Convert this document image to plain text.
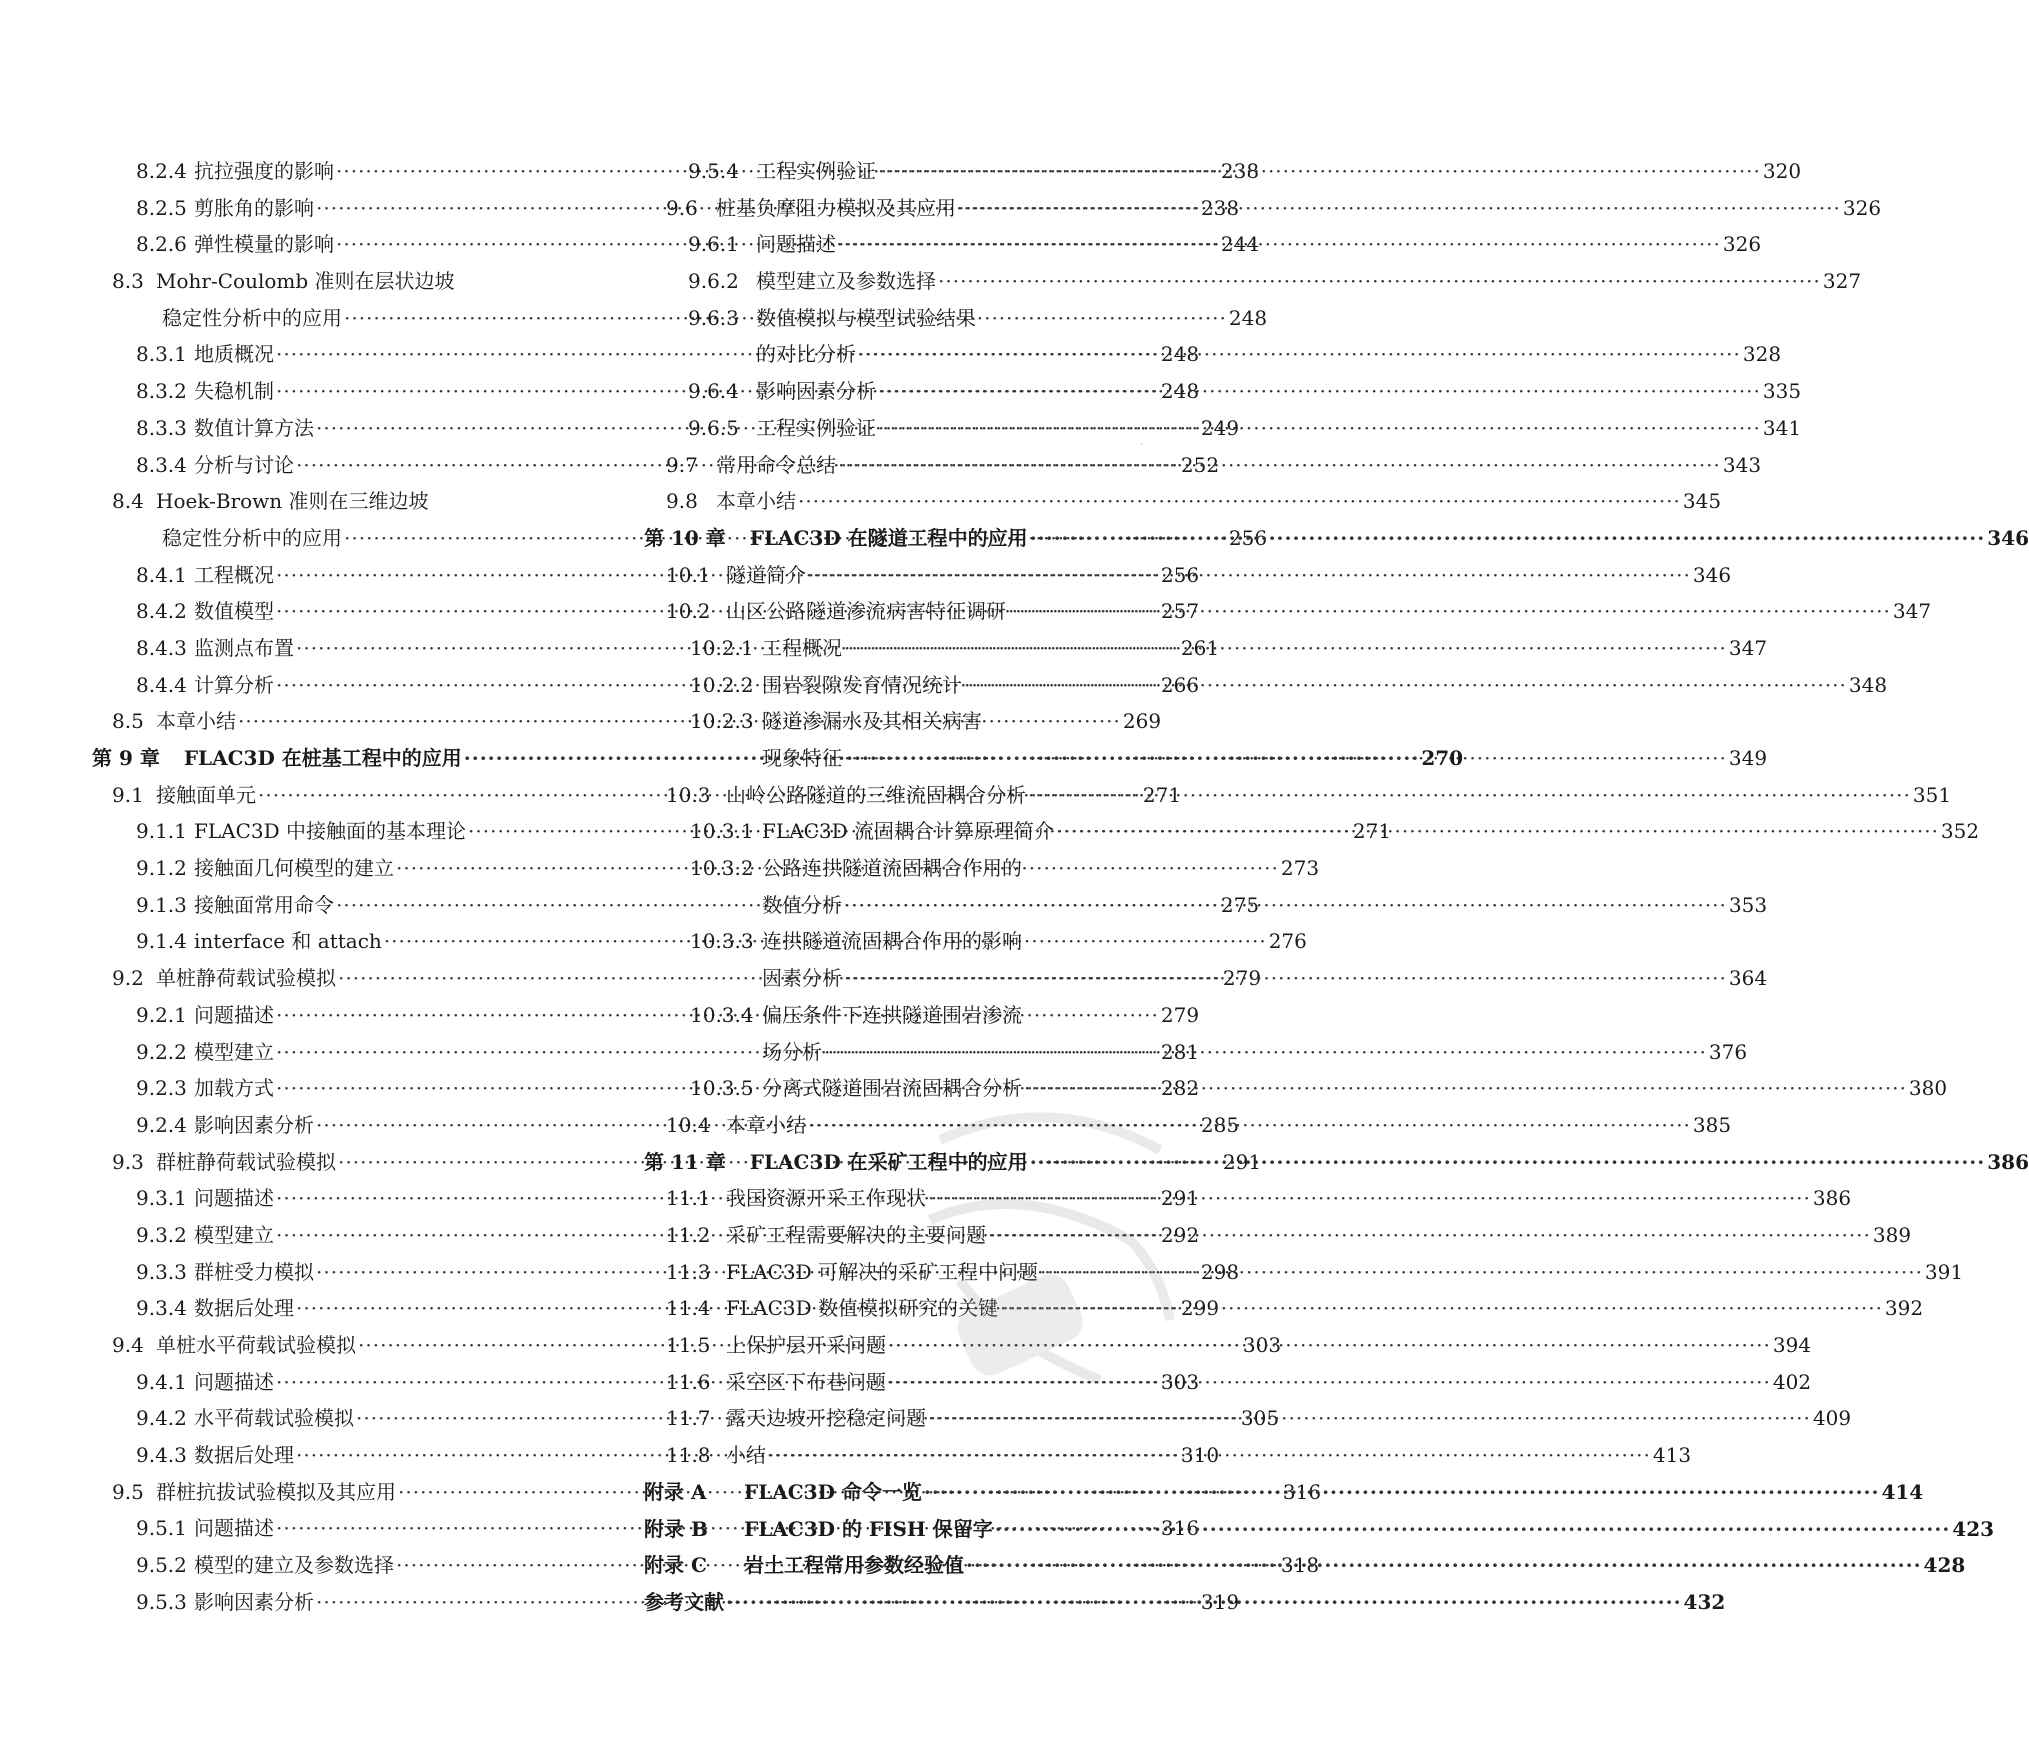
8.2.4 抗拉强度的影响 ·····	238
8.2.5 剪胀角的影响 ·····	238
8.2.6 弹性模量的影响 ·····	244
8.3 Mohr-Coulomb 准则在层状边坡
稳定性分析中的应用 ·····	248
8.3.1 地质概况 ·····	248
8.3.2 失稳机制 ·····	248
8.3.3 数值计算方法 ·····	249
8.3.4 分析与讨论 ·····	252
8.4 Hoek-Brown 准则在三维边坡
稳定性分析中的应用 ·····	256
8.4.1 工程概况 ·····	256
8.4.2 数值模型 ·····	257
8.4.3 监测点布置 ·····	261
8.4.4 计算分析 ·····	266
8.5 本章小结 ·····	269
第 9 章 FLAC3D 在桩基工程中的应用 ·····	270
9.1 接触面单元 ·····	271
9.1.1 FLAC3D 中接触面的基本理论 ·····	271
9.1.2 接触面几何模型的建立 ·····	273
9.1.3 接触面常用命令 ·····	275
9.1.4 interface 和 attach ·····	276
9.2 单桩静荷载试验模拟 ·····	279
9.2.1 问题描述 ·····	279
9.2.2 模型建立 ·····	281
9.2.3 加载方式 ·····	282
9.2.4 影响因素分析 ·····	285
9.3 群桩静荷载试验模拟 ·····	291
9.3.1 问题描述 ·····	291
9.3.2 模型建立 ·····	292
9.3.3 群桩受力模拟 ·····	298
9.3.4 数据后处理 ·····	299
9.4 单桩水平荷载试验模拟 ·····	303
9.4.1 问题描述 ·····	303
9.4.2 水平荷载试验模拟 ·····	305
9.4.3 数据后处理 ·····	310
9.5 群桩抗拔试验模拟及其应用 ·····	316
9.5.1 问题描述 ·····	316
9.5.2 模型的建立及参数选择 ·····	318
9.5.3 影响因素分析 ·····	319
9.5.4 工程实例验证 ·····	320
9.6 桩基负摩阻力模拟及其应用 ·····	326
9.6.1 问题描述 ·····	326
9.6.2 模型建立及参数选择 ·····	327
9.6.3 数值模拟与模型试验结果
的对比分析 ·····	328
9.6.4 影响因素分析 ·····	335
9.6.5 工程实例验证 ·····	341
9.7 常用命令总结 ·····	343
9.8 本章小结 ·····	345
第 10 章 FLAC3D 在隧道工程中的应用 ·····	346
10.1 隧道简介 ·····	346
10.2 山区公路隧道渗流病害特征调研 ·····	347
10.2.1 工程概况 ·····	347
10.2.2 围岩裂隙发育情况统计 ·····	348
10.2.3 隧道渗漏水及其相关病害
现象特征 ·····	349
10.3 山岭公路隧道的三维流固耦合分析 ·····	351
10.3.1 FLAC3D 流固耦合计算原理简介 ·····	352
10.3.2 公路连拱隧道流固耦合作用的
数值分析 ·····	353
10.3.3 连拱隧道流固耦合作用的影响
因素分析 ·····	364
10.3.4 偏压条件下连拱隧道围岩渗流
场分析 ·····	376
10.3.5 分离式隧道围岩流固耦合分析 ·····	380
10.4 本章小结 ·····	385
第 11 章 FLAC3D 在采矿工程中的应用 ·····	386
11.1 我国资源开采工作现状 ·····	386
11.2 采矿工程需要解决的主要问题 ·····	389
11.3 FLAC3D 可解决的采矿工程中问题 ·····	391
11.4 FLAC3D 数值模拟研究的关键 ·····	392
11.5 上保护层开采问题 ·····	394
11.6 采空区下布巷问题 ·····	402
11.7 露天边坡开挖稳定问题 ·····	409
11.8 小结 ·····	413
附录 A	FLAC3D 命令一览 ·····	414
附录 B	FLAC3D 的 FISH 保留字 ·····	423
附录 C	岩土工程常用参数经验值 ·····	428
参考文献 ·····	432
·
